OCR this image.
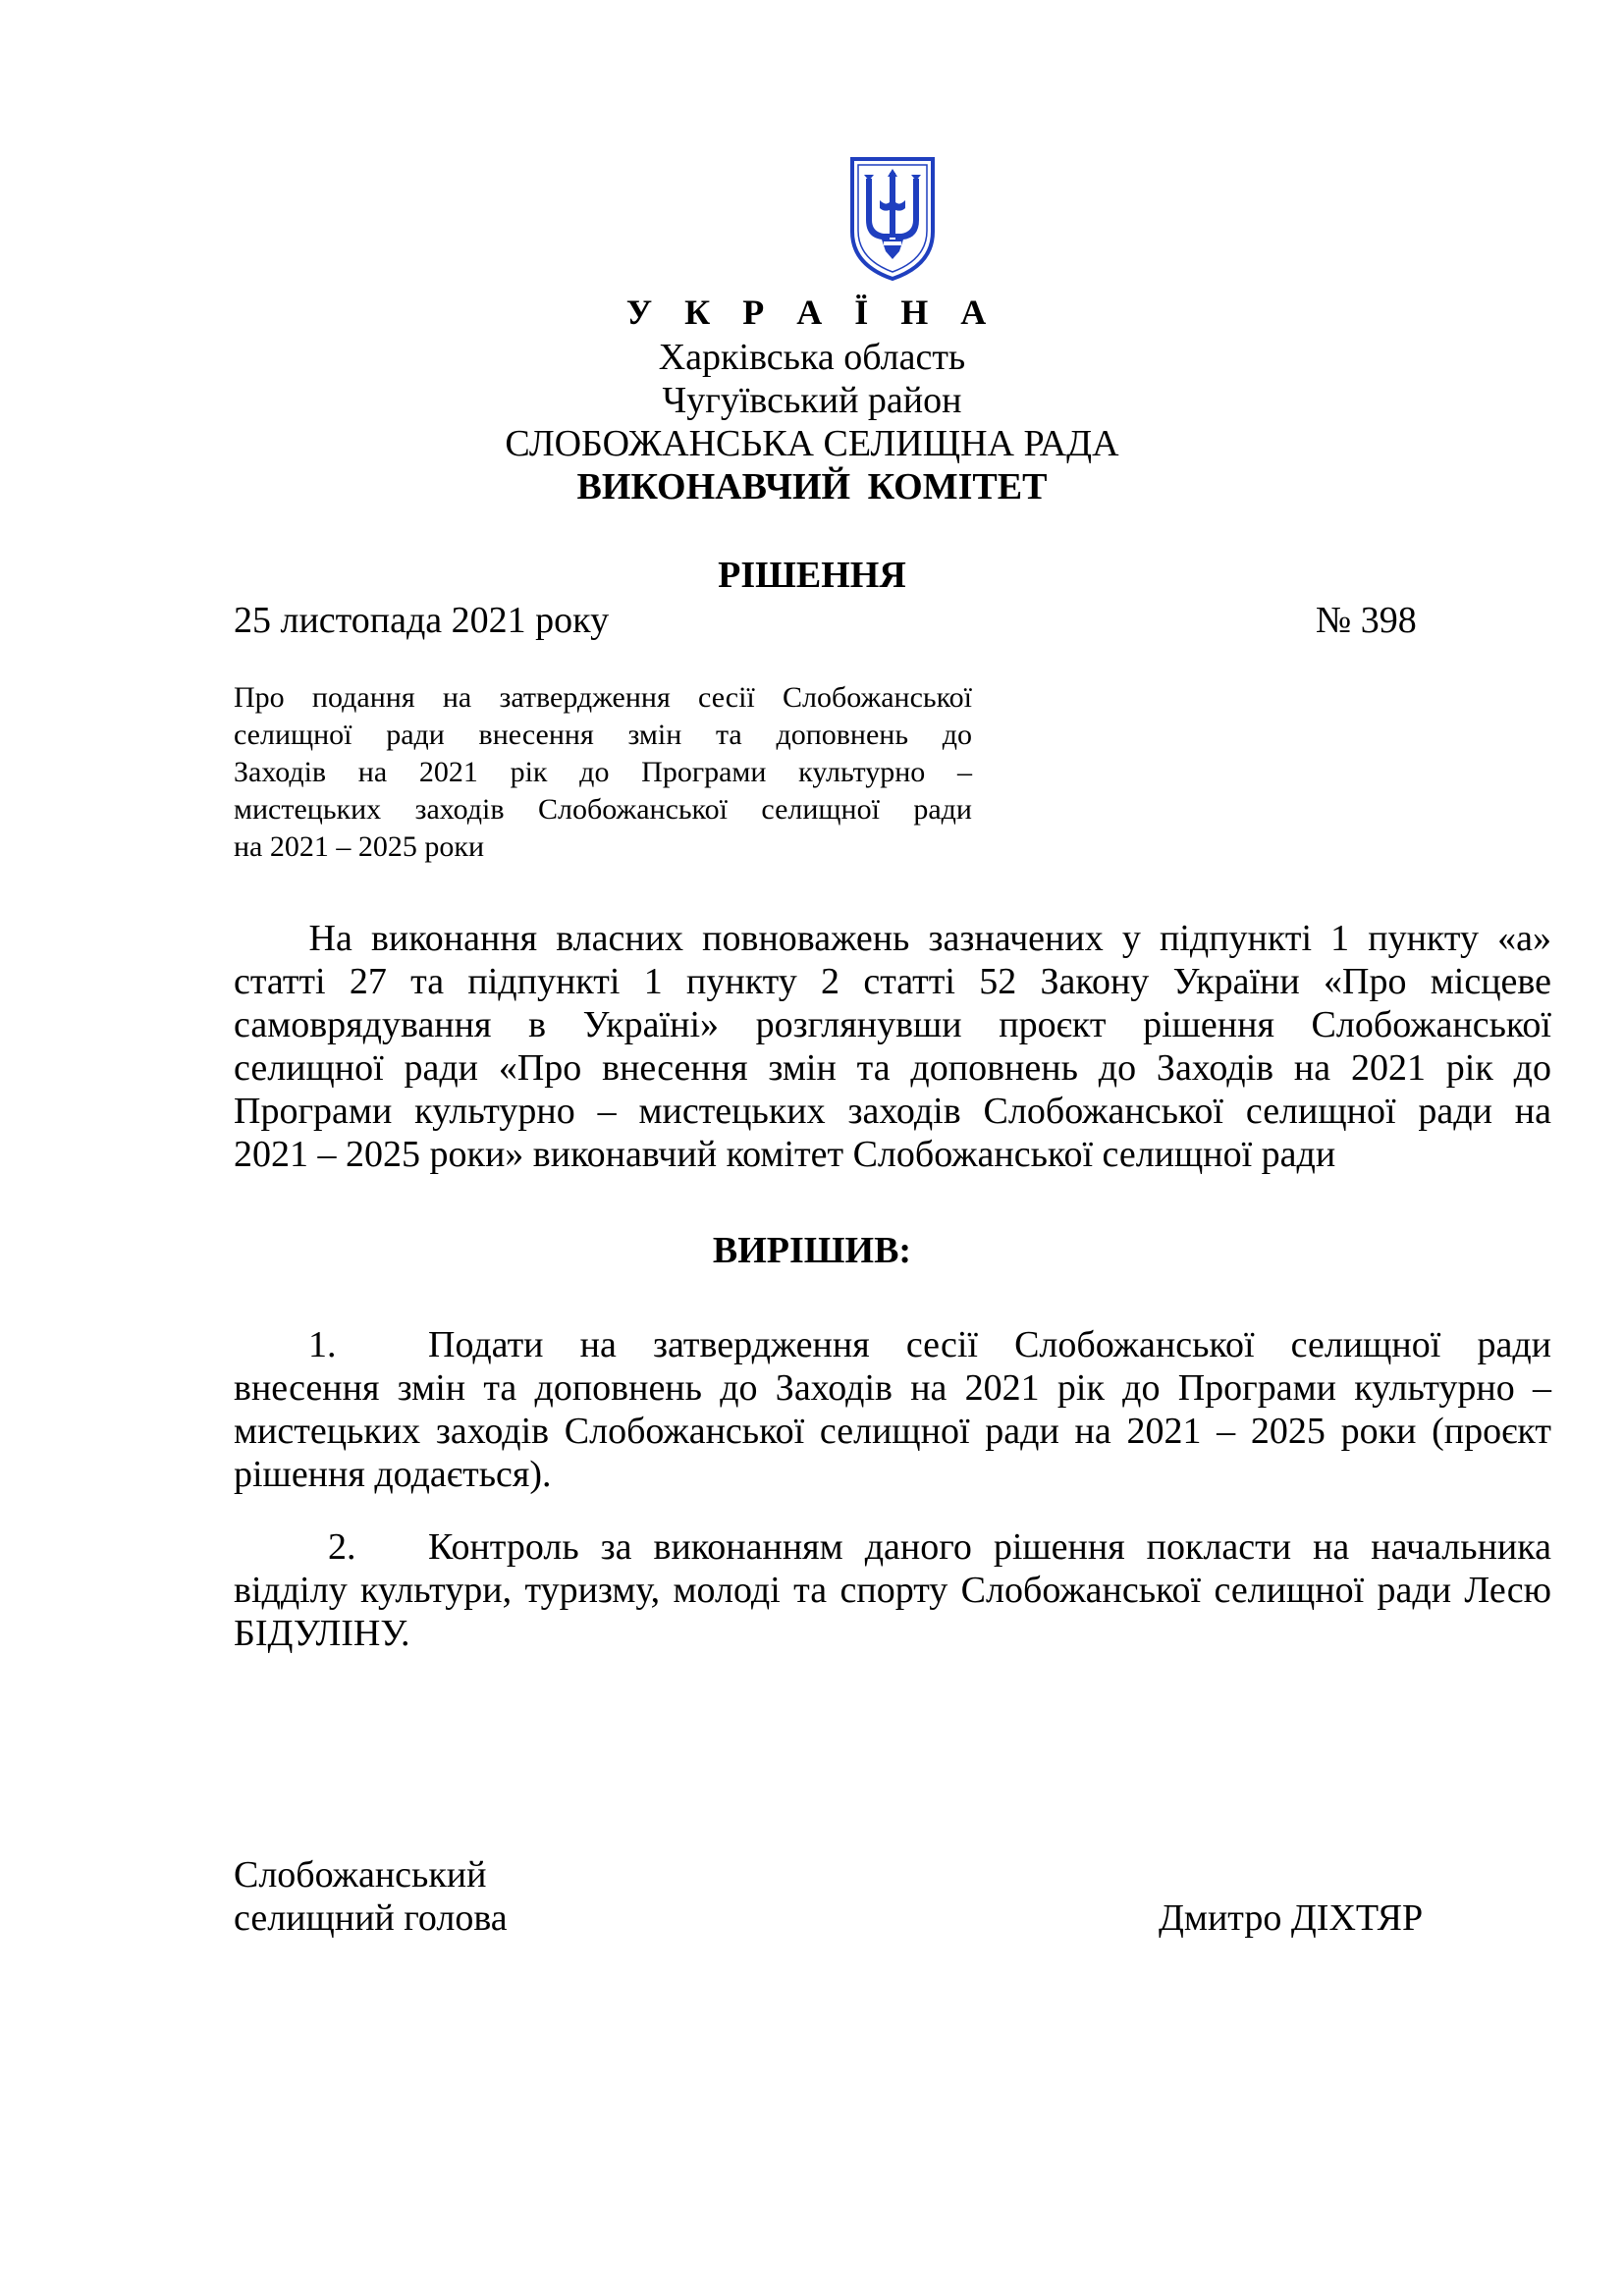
У К Р А Ї Н А
Харківська область
Чугуївський район
СЛОБОЖАНСЬКА СЕЛИЩНА РАДА
ВИКОНАВЧИЙ КОМІТЕТ
РІШЕННЯ
25 листопада 2021 року	№ 398
Про подання на затвердження сесії Слобожанської
селищної ради внесення змін та доповнень до
Заходів на 2021 рік до Програми культурно –
мистецьких заходів Слобожанської селищної ради
на 2021 – 2025 роки
На виконання власних повноважень зазначених у підпункті 1 пункту «а»
статті 27 та підпункті 1 пункту 2 статті 52 Закону України «Про місцеве
самоврядування в Україні» розглянувши проєкт рішення Слобожанської
селищної ради «Про внесення змін та доповнень до Заходів на 2021 рік до
Програми культурно – мистецьких заходів Слобожанської селищної ради на
2021 – 2025 роки» виконавчий комітет Слобожанської селищної ради
ВИРІШИВ:
1. Подати на затвердження сесії Слобожанської селищної ради
внесення змін та доповнень до Заходів на 2021 рік до Програми культурно –
мистецьких заходів Слобожанської селищної ради на 2021 – 2025 роки (проєкт
рішення додається).
2. Контроль за виконанням даного рішення покласти на начальника
відділу культури, туризму, молоді та спорту Слобожанської селищної ради Лесю
БІДУЛІНУ.
Слобожанський
селищний голова	Дмитро ДІХТЯР
